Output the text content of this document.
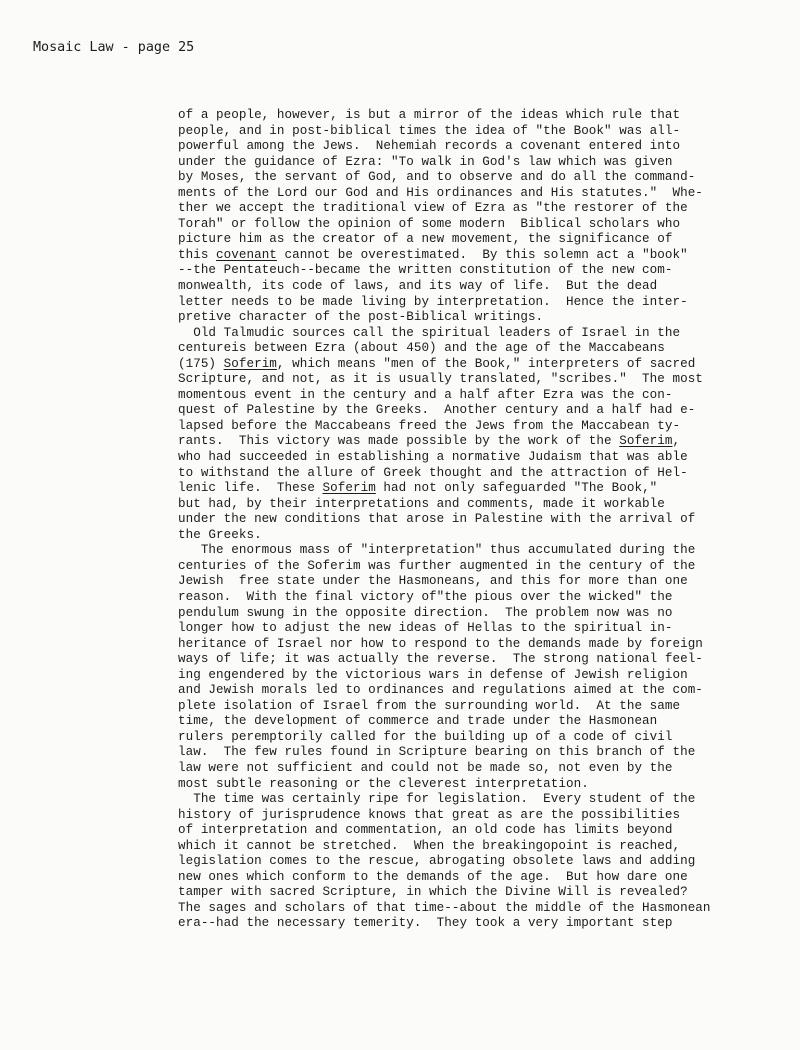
Mosaic Law - page 25
of a people, however, is but a mirror of the ideas which rule that
people, and in post-biblical times the idea of "the Book" was all-
powerful among the Jews.  Nehemiah records a covenant entered into
under the guidance of Ezra: "To walk in God's law which was given
by Moses, the servant of God, and to observe and do all the command-
ments of the Lord our God and His ordinances and His statutes."  Whe-
ther we accept the traditional view of Ezra as "the restorer of the
Torah" or follow the opinion of some modern  Biblical scholars who
picture him as the creator of a new movement, the significance of
this covenant cannot be overestimated.  By this solemn act a "book"
--the Pentateuch--became the written constitution of the new com-
monwealth, its code of laws, and its way of life.  But the dead
letter needs to be made living by interpretation.  Hence the inter-
pretive character of the post-Biblical writings.
Old Talmudic sources call the spiritual leaders of Israel in the
centureis between Ezra (about 450) and the age of the Maccabeans
(175) Soferim, which means "men of the Book," interpreters of sacred
Scripture, and not, as it is usually translated, "scribes."  The most
momentous event in the century and a half after Ezra was the con-
quest of Palestine by the Greeks.  Another century and a half had e-
lapsed before the Maccabeans freed the Jews from the Maccabean ty-
rants.  This victory was made possible by the work of the Soferim,
who had succeeded in establishing a normative Judaism that was able
to withstand the allure of Greek thought and the attraction of Hel-
lenic life.  These Soferim had not only safeguarded "The Book,"
but had, by their interpretations and comments, made it workable
under the new conditions that arose in Palestine with the arrival of
the Greeks.
The enormous mass of "interpretation" thus accumulated during the
centuries of the Soferim was further augmented in the century of the
Jewish  free state under the Hasmoneans, and this for more than one
reason.  With the final victory of"the pious over the wicked" the
pendulum swung in the opposite direction.  The problem now was no
longer how to adjust the new ideas of Hellas to the spiritual in-
heritance of Israel nor how to respond to the demands made by foreign
ways of life; it was actually the reverse.  The strong national feel-
ing engendered by the victorious wars in defense of Jewish religion
and Jewish morals led to ordinances and regulations aimed at the com-
plete isolation of Israel from the surrounding world.  At the same
time, the development of commerce and trade under the Hasmonean
rulers peremptorily called for the building up of a code of civil
law.  The few rules found in Scripture bearing on this branch of the
law were not sufficient and could not be made so, not even by the
most subtle reasoning or the cleverest interpretation.
The time was certainly ripe for legislation.  Every student of the
history of jurisprudence knows that great as are the possibilities
of interpretation and commentation, an old code has limits beyond
which it cannot be stretched.  When the breakingopoint is reached,
legislation comes to the rescue, abrogating obsolete laws and adding
new ones which conform to the demands of the age.  But how dare one
tamper with sacred Scripture, in which the Divine Will is revealed?
The sages and scholars of that time--about the middle of the Hasmonean
era--had the necessary temerity.  They took a very important step
